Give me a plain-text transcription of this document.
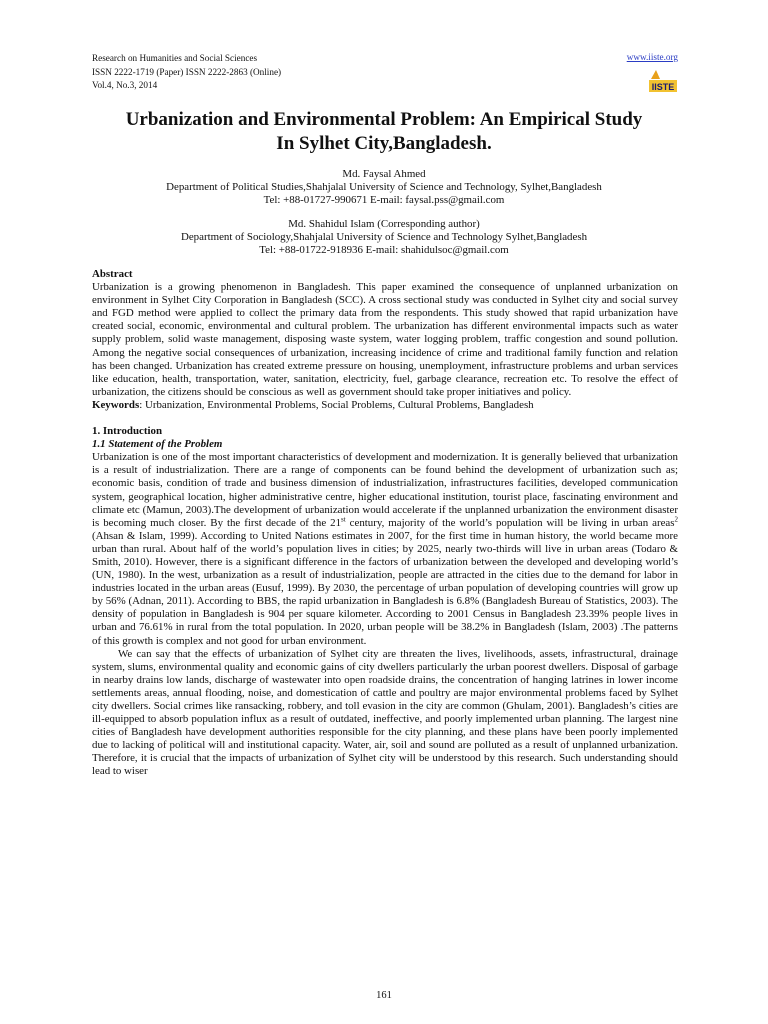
Research on Humanities and Social Sciences
ISSN 2222-1719 (Paper) ISSN 2222-2863 (Online)
Vol.4, No.3, 2014
www.iiste.org
IISTE
Urbanization and Environmental Problem: An Empirical Study
In Sylhet City,Bangladesh.
Md. Faysal Ahmed
Department of Political Studies,Shahjalal University of Science and Technology, Sylhet,Bangladesh
Tel: +88-01727-990671 E-mail: faysal.pss@gmail.com
Md. Shahidul Islam (Corresponding author)
Department of Sociology,Shahjalal University of Science and Technology Sylhet,Bangladesh
Tel: +88-01722-918936 E-mail: shahidulsoc@gmail.com

Abstract

Urbanization is a growing phenomenon in Bangladesh. This paper examined the consequence of unplanned urbanization on environment in Sylhet City Corporation in Bangladesh (SCC). A cross sectional study was conducted in Sylhet city and social survey and FGD method were applied to collect the primary data from the respondents. This study showed that rapid urbanization have created social, economic, environmental and cultural problem. The urbanization has different environmental impacts such as water supply problem, solid waste management, disposing waste system, water logging problem, traffic congestion and sound pollution. Among the negative social consequences of urbanization, increasing incidence of crime and traditional family function and relation has been changed. Urbanization has created extreme pressure on housing, unemployment, infrastructure problems and urban services like education, health, transportation, water, sanitation, electricity, fuel, garbage clearance, recreation etc. To resolve the effect of urbanization, the citizens should be conscious as well as government should take proper initiatives and policy.

Keywords: Urbanization, Environmental Problems, Social Problems, Cultural Problems, Bangladesh

1. Introduction

1.1 Statement of the Problem

Urbanization is one of the most important characteristics of development and modernization. It is generally believed that urbanization is a result of industrialization. There are a range of components can be found behind the development of urbanization such as; economic basis, condition of trade and business dimension of industrialization, infrastructures facilities, developed communication system, geographical location, higher administrative centre, higher educational institution, tourist place, fascinating environment and climate etc (Mamun, 2003).The development of urbanization would accelerate if the unplanned urbanization the environment disaster is becoming much closer. By the first decade of the 21st century, majority of the world’s population will be living in urban areas$^2$ (Ahsan & Islam, 1999). According to United Nations estimates in 2007, for the first time in human history, the world became more urban than rural. About half of the world’s population lives in cities; by 2025, nearly two-thirds will live in urban areas (Todaro & Smith, 2010). However, there is a significant difference in the factors of urbanization between the developed and developing world’s (UN, 1980). In the west, urbanization as a result of industrialization, people are attracted in the cities due to the demand for labor in industries located in the urban areas (Eusuf, 1999). By 2030, the percentage of urban population of developing countries will grow up by 56% (Adnan, 2011). According to BBS, the rapid urbanization in Bangladesh is 6.8% (Bangladesh Bureau of Statistics, 2003). The density of population in Bangladesh is 904 per square kilometer. According to 2001 Census in Bangladesh 23.39% people lives in urban and 76.61% in rural from the total population. In 2020, urban people will be 38.2% in Bangladesh (Islam, 2003) .The patterns of this growth is complex and not good for urban environment.

We can say that the effects of urbanization of Sylhet city are threaten the lives, livelihoods, assets, infrastructural, drainage system, slums, environmental quality and economic gains of city dwellers particularly the urban poorest dwellers. Disposal of garbage in nearby drains low lands, discharge of wastewater into open roadside drains, the concentration of hanging latrines in lower income settlements areas, annual flooding, noise, and domestication of cattle and poultry are major environmental problems faced by Sylhet city dwellers. Social crimes like ransacking, robbery, and toll evasion in the city are common (Ghulam, 2001). Bangladesh’s cities are ill-equipped to absorb population influx as a result of outdated, ineffective, and poorly implemented urban planning. The largest nine cities of Bangladesh have development authorities responsible for the city planning, and these plans have been poorly implemented due to lacking of political will and institutional capacity. Water, air, soil and sound are polluted as a result of unplanned urbanization. Therefore, it is crucial that the impacts of urbanization of Sylhet city will be understood by this research. Such understanding should lead to wiser

161
